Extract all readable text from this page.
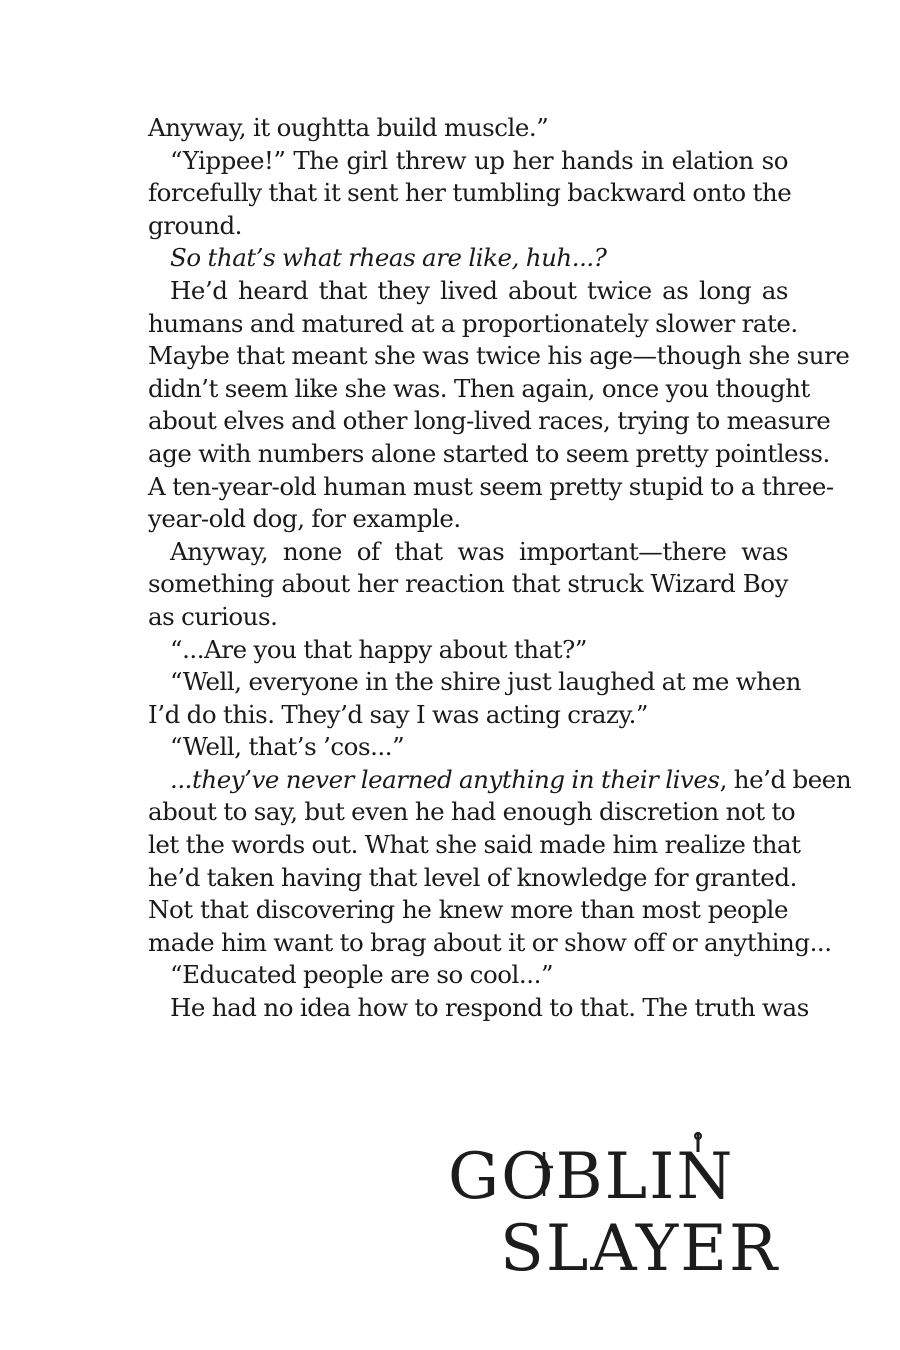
Anyway, it oughtta build muscle.”
“Yippee!” The girl threw up her hands in elation so
forcefully that it sent her tumbling backward onto the
ground.
So that’s what rheas are like, huh...?
He’d heard that they lived about twice as long as
humans and matured at a proportionately slower rate.
Maybe that meant she was twice his age—though she sure
didn’t seem like she was. Then again, once you thought
about elves and other long-lived races, trying to measure
age with numbers alone started to seem pretty pointless.
A ten-year-old human must seem pretty stupid to a three-
year-old dog, for example.
Anyway, none of that was important—there was
something about her reaction that struck Wizard Boy
as curious.
“...Are you that happy about that?”
“Well, everyone in the shire just laughed at me when
I’d do this. They’d say I was acting crazy.”
“Well, that’s ’cos...”
...they’ve never learned anything in their lives, he’d been
about to say, but even he had enough discretion not to
let the words out. What she said made him realize that
he’d taken having that level of knowledge for granted.
Not that discovering he knew more than most people
made him want to brag about it or show off or anything...
“Educated people are so cool...”
He had no idea how to respond to that. The truth was
GOBLIN
SLAYER
